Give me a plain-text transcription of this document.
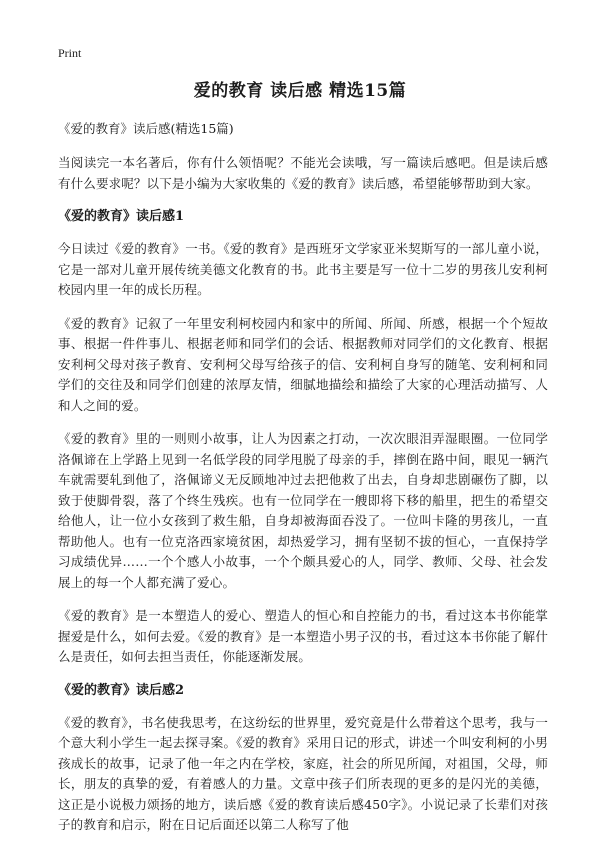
Print
爱的教育 读后感 精选15篇
《爱的教育》读后感(精选15篇)
当阅读完一本名著后，你有什么领悟呢？不能光会读哦，写一篇读后感吧。但是读后感有什么要求呢？以下是小编为大家收集的《爱的教育》读后感，希望能够帮助到大家。
《爱的教育》读后感1
今日读过《爱的教育》一书。《爱的教育》是西班牙文学家亚米契斯写的一部儿童小说，它是一部对儿童开展传统美德文化教育的书。此书主要是写一位十二岁的男孩儿安利柯校园内里一年的成长历程。
《爱的教育》记叙了一年里安利柯校园内和家中的所闻、所闻、所感，根据一个个短故事、根据一件件事儿、根据老师和同学们的会话、根据教师对同学们的文化教育、根据安利柯父母对孩子教育、安利柯父母写给孩子的信、安利柯自身写的随笔、安利柯和同学们的交往及和同学们创建的浓厚友情，细腻地描绘和描绘了大家的心理活动描写、人和人之间的爱。
《爱的教育》里的一则则小故事，让人为因素之打动，一次次眼泪弄湿眼圈。一位同学洛佩谛在上学路上见到一名低学段的同学甩脱了母亲的手，摔倒在路中间，眼见一辆汽车就需要轧到他了，洛佩谛义无反顾地冲过去把他救了出去，自身却悲剧碾伤了脚，以致于使脚骨裂，落了个终生残疾。也有一位同学在一艘即将下移的船里，把生的希望交给他人，让一位小女孩到了救生船，自身却被海面吞没了。一位叫卡隆的男孩儿，一直帮助他人。也有一位克洛西家境贫困，却热爱学习，拥有坚韧不拔的恒心，一直保持学习成绩优异……一个个感人小故事，一个个颇具爱心的人，同学、教师、父母、社会发展上的每一个人都充满了爱心。
《爱的教育》是一本塑造人的爱心、塑造人的恒心和自控能力的书，看过这本书你能掌握爱是什么，如何去爱。《爱的教育》是一本塑造小男子汉的书，看过这本书你能了解什么是责任，如何去担当责任，你能逐渐发展。
《爱的教育》读后感2
《爱的教育》，书名使我思考，在这纷纭的世界里，爱究竟是什么带着这个思考，我与一个意大利小学生一起去探寻案。《爱的教育》采用日记的形式，讲述一个叫安利柯的小男孩成长的故事，记录了他一年之内在学校，家庭，社会的所见所闻，对祖国，父母，师长，朋友的真挚的爱，有着感人的力量。文章中孩子们所表现的更多的是闪光的美德，这正是小说极力颂扬的地方，读后感《爱的教育读后感450字》。小说记录了长辈们对孩子的教育和启示，附在日记后面还以第二人称写了他
